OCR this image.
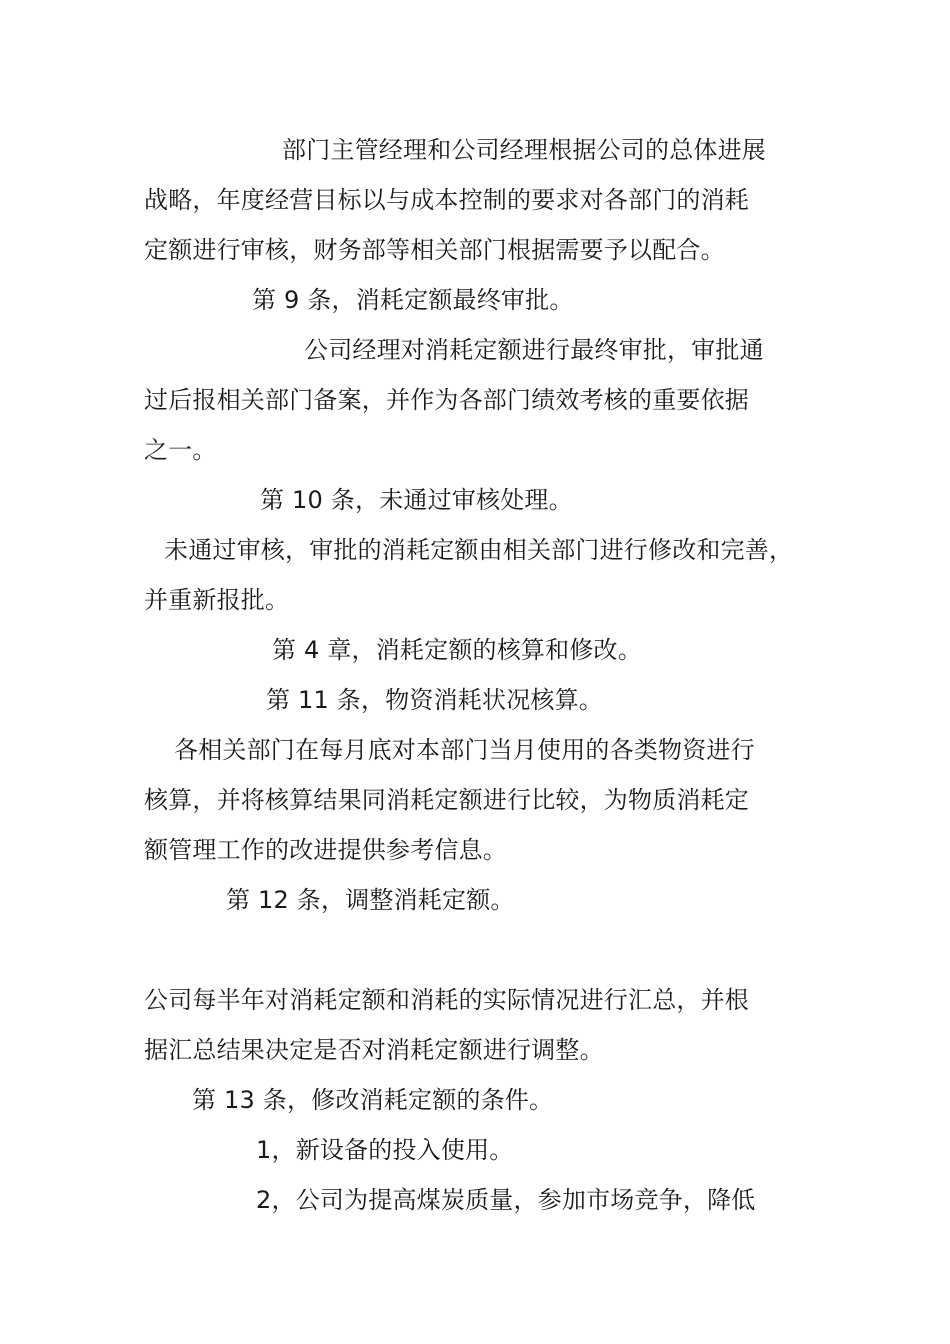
部门主管经理和公司经理根据公司的总体进展
战略，年度经营目标以与成本控制的要求对各部门的消耗
定额进行审核，财务部等相关部门根据需要予以配合。
第 9 条，消耗定额最终审批。
公司经理对消耗定额进行最终审批，审批通
过后报相关部门备案，并作为各部门绩效考核的重要依据
之一。
第 10 条，未通过审核处理。
未通过审核，审批的消耗定额由相关部门进行修改和完善，
并重新报批。
第 4 章，消耗定额的核算和修改。
第 11 条，物资消耗状况核算。
各相关部门在每月底对本部门当月使用的各类物资进行
核算，并将核算结果同消耗定额进行比较，为物质消耗定
额管理工作的改进提供参考信息。
第 12 条，调整消耗定额。
公司每半年对消耗定额和消耗的实际情况进行汇总，并根
据汇总结果决定是否对消耗定额进行调整。
第 13 条，修改消耗定额的条件。
1，新设备的投入使用。
2，公司为提高煤炭质量，参加市场竞争，降低
